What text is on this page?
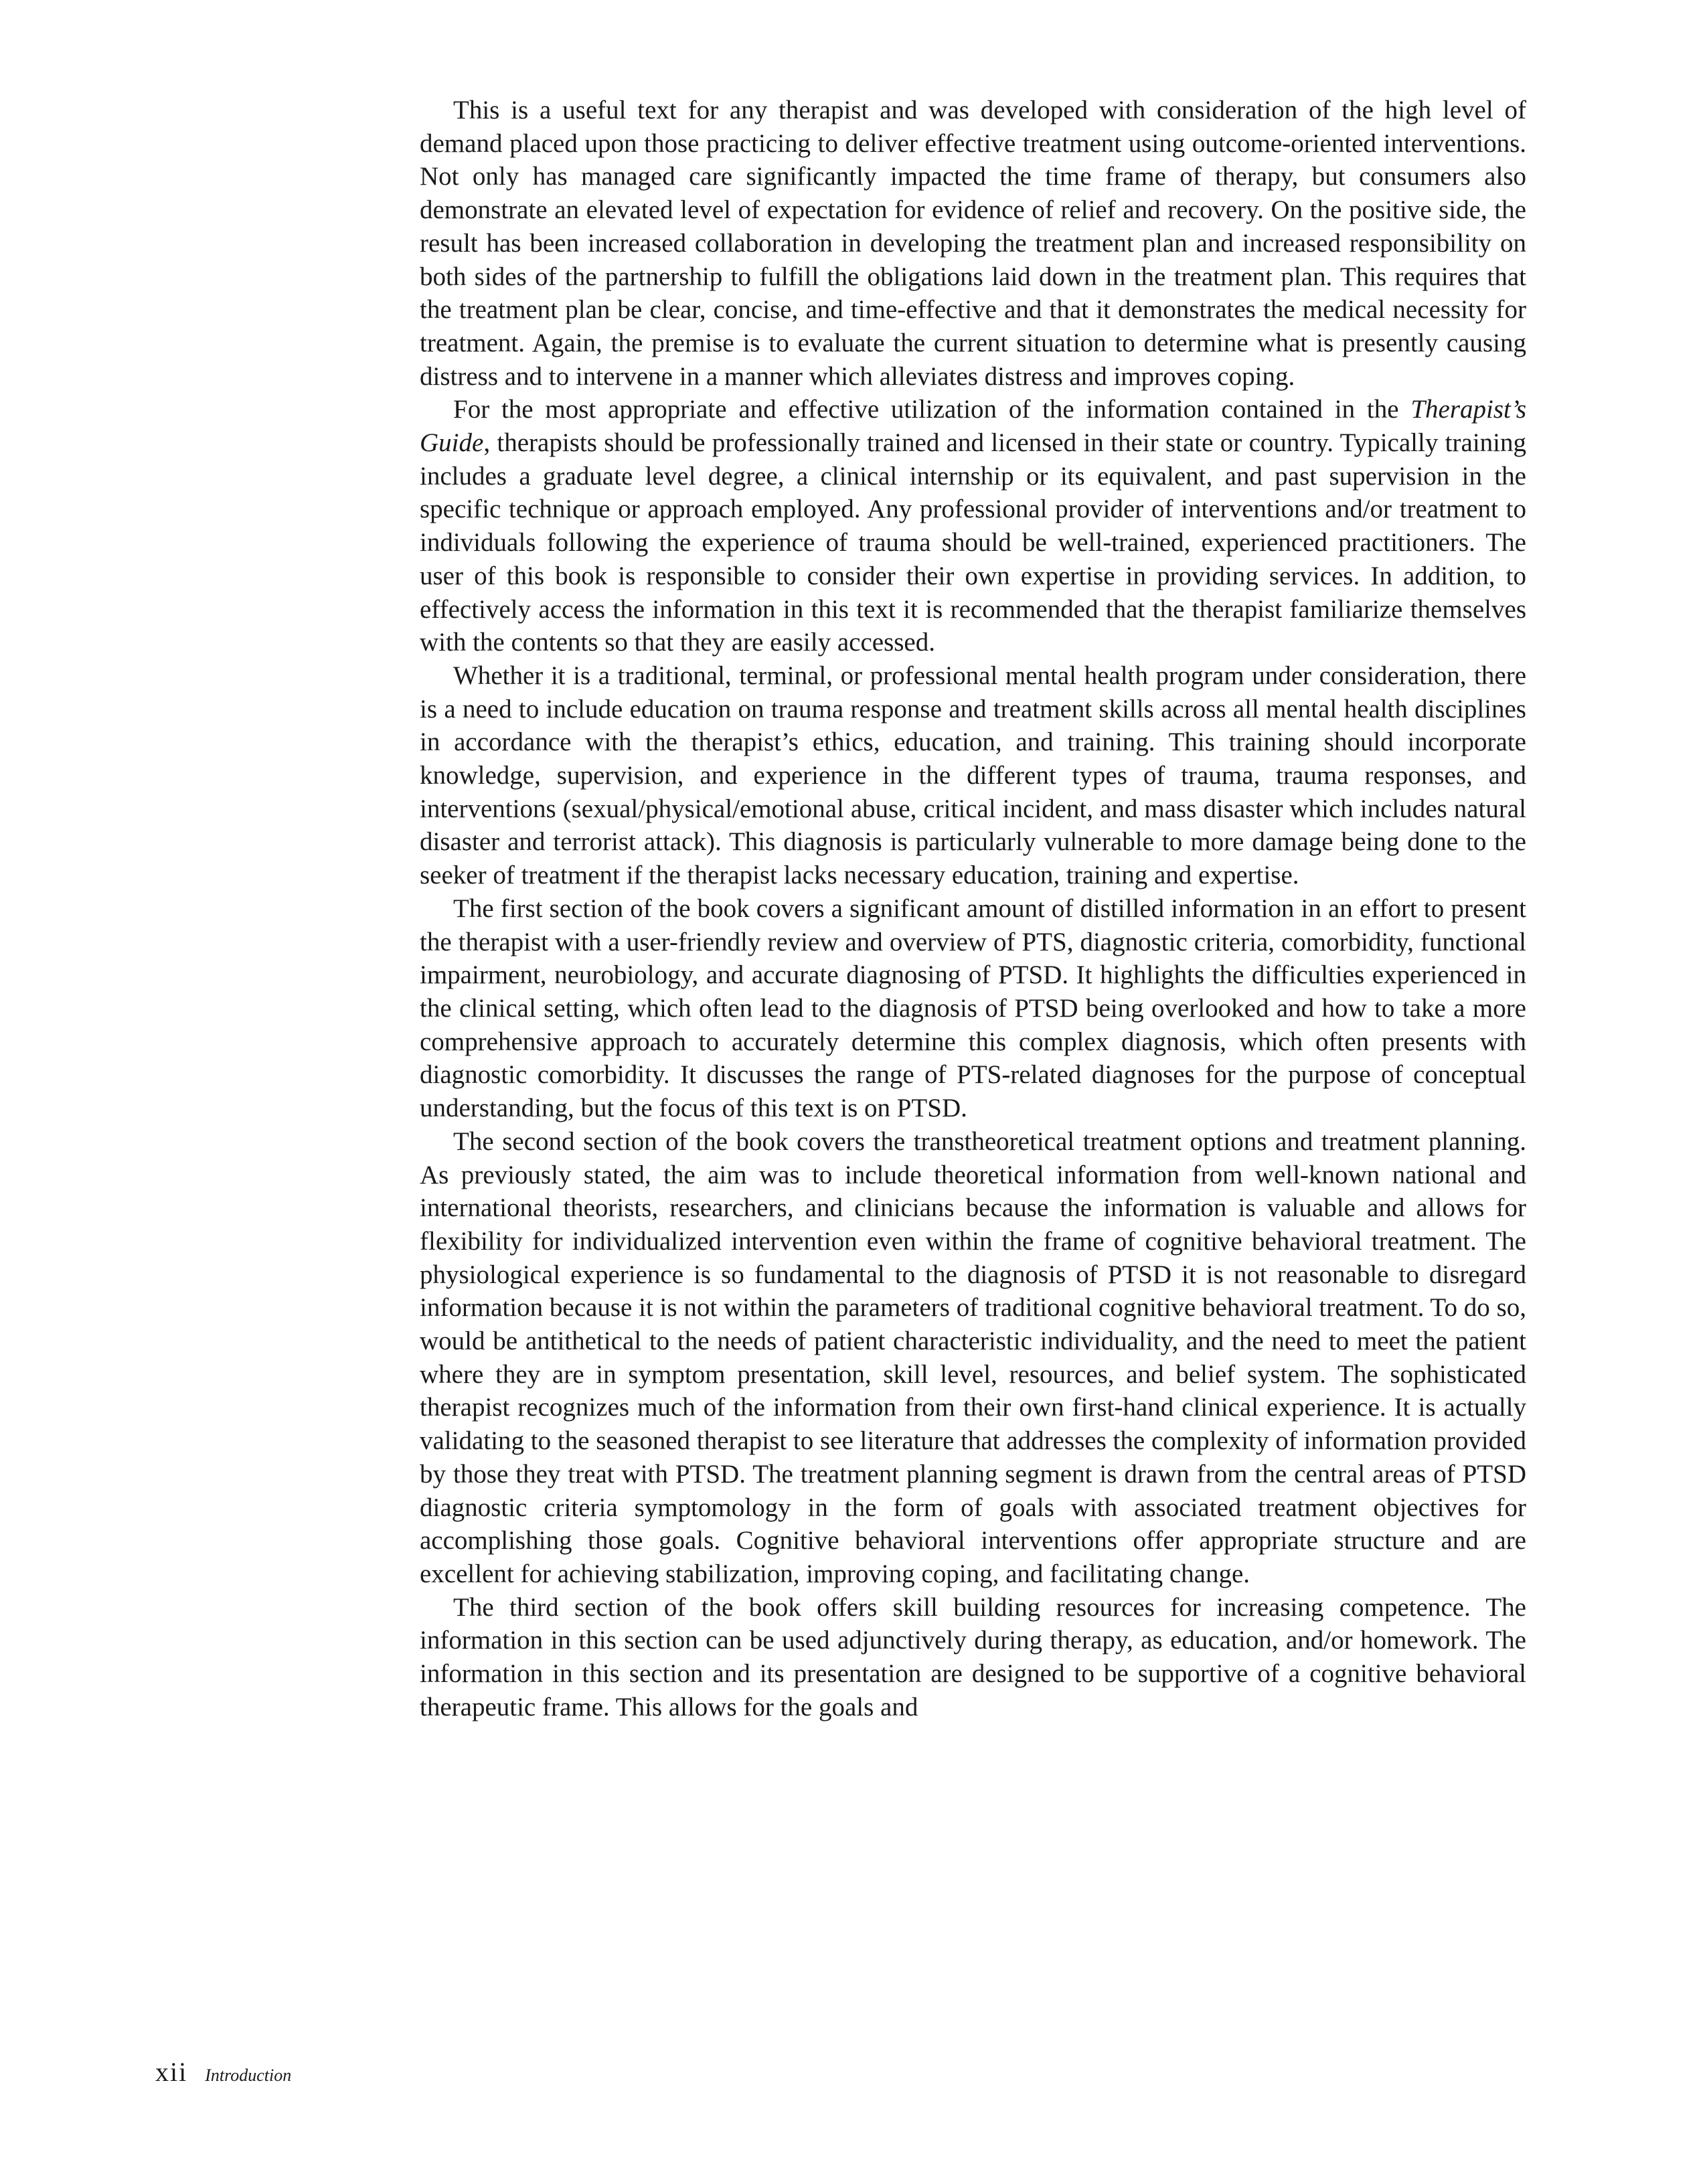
This is a useful text for any therapist and was developed with consideration of the high level of demand placed upon those practicing to deliver effective treatment using outcome-oriented interventions. Not only has managed care significantly impacted the time frame of therapy, but consumers also demonstrate an elevated level of expectation for evidence of relief and recovery. On the positive side, the result has been increased collaboration in developing the treatment plan and increased responsibility on both sides of the partnership to fulfill the obligations laid down in the treatment plan. This requires that the treatment plan be clear, concise, and time-effective and that it demonstrates the medical necessity for treatment. Again, the premise is to evaluate the current situation to determine what is presently causing distress and to intervene in a manner which alleviates distress and improves coping.

For the most appropriate and effective utilization of the information contained in the Therapist’s Guide, therapists should be professionally trained and licensed in their state or country. Typically training includes a graduate level degree, a clinical internship or its equivalent, and past supervision in the specific technique or approach employed. Any professional provider of interventions and/or treatment to individuals following the experience of trauma should be well-trained, experienced practitioners. The user of this book is responsible to consider their own expertise in providing services. In addition, to effectively access the information in this text it is recommended that the therapist familiarize themselves with the contents so that they are easily accessed.

Whether it is a traditional, terminal, or professional mental health program under consideration, there is a need to include education on trauma response and treatment skills across all mental health disciplines in accordance with the therapist’s ethics, education, and training. This training should incorporate knowledge, supervision, and experience in the different types of trauma, trauma responses, and interventions (sexual/physical/emotional abuse, critical incident, and mass disaster which includes natural disaster and terrorist attack). This diagnosis is particularly vulnerable to more damage being done to the seeker of treatment if the therapist lacks necessary education, training and expertise.

The first section of the book covers a significant amount of distilled information in an effort to present the therapist with a user-friendly review and overview of PTS, diagnostic criteria, comorbidity, functional impairment, neurobiology, and accurate diagnosing of PTSD. It highlights the difficulties experienced in the clinical setting, which often lead to the diagnosis of PTSD being overlooked and how to take a more comprehensive approach to accurately determine this complex diagnosis, which often presents with diagnostic comorbidity. It discusses the range of PTS-related diagnoses for the purpose of conceptual understanding, but the focus of this text is on PTSD.

The second section of the book covers the transtheoretical treatment options and treatment planning. As previously stated, the aim was to include theoretical information from well-known national and international theorists, researchers, and clinicians because the information is valuable and allows for flexibility for individualized intervention even within the frame of cognitive behavioral treatment. The physiological experience is so fundamental to the diagnosis of PTSD it is not reasonable to disregard information because it is not within the parameters of traditional cognitive behavioral treatment. To do so, would be antithetical to the needs of patient characteristic individuality, and the need to meet the patient where they are in symptom presentation, skill level, resources, and belief system. The sophisticated therapist recognizes much of the information from their own first-hand clinical experience. It is actually validating to the seasoned therapist to see literature that addresses the complexity of information provided by those they treat with PTSD. The treatment planning segment is drawn from the central areas of PTSD diagnostic criteria symptomology in the form of goals with associated treatment objectives for accomplishing those goals. Cognitive behavioral interventions offer appropriate structure and are excellent for achieving stabilization, improving coping, and facilitating change.

The third section of the book offers skill building resources for increasing competence. The information in this section can be used adjunctively during therapy, as education, and/or homework. The information in this section and its presentation are designed to be supportive of a cognitive behavioral therapeutic frame. This allows for the goals and

xii Introduction
